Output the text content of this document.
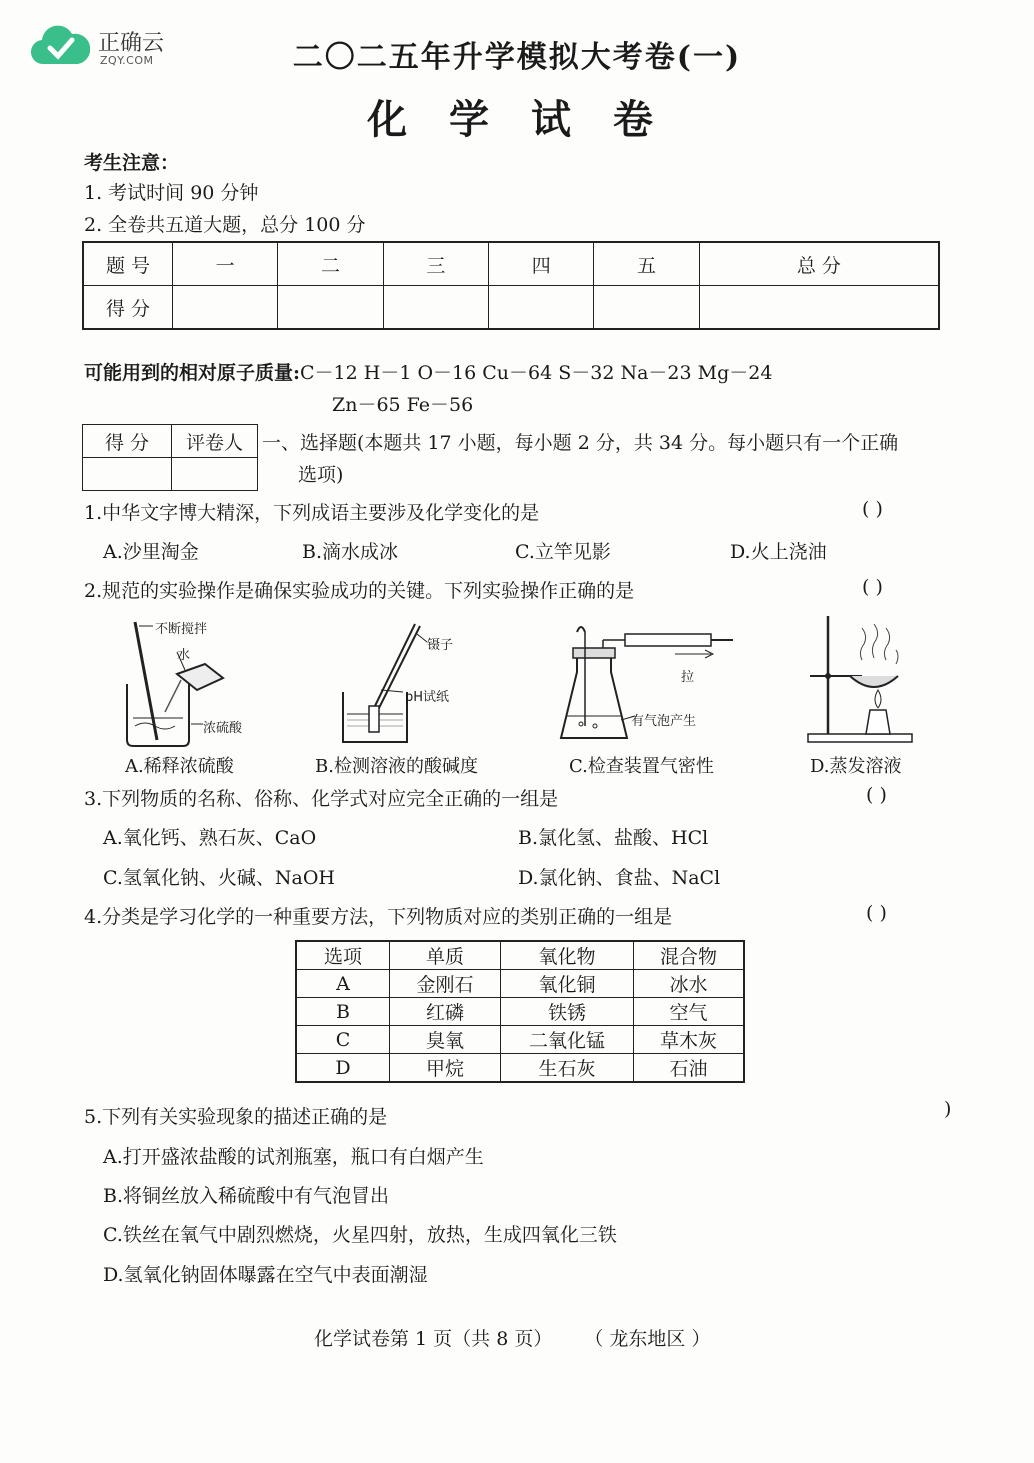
正确云
ZQY.COM	二〇二五年升学模拟大考卷(一)
化 学 试 卷
考生注意：
1. 考试时间 90 分钟
2. 全卷共五道大题，总分 100 分
题 号	一	二	三	四	五	总 分
得 分						
可能用到的相对原子质量:C－12 H－1 O－16 Cu－64 S－32 Na－23 Mg－24
Zn－65 Fe－56
得 分	评卷人
	一、选择题(本题共 17 小题，每小题 2 分，共 34 分。每小题只有一个正确
选项)
1.中华文字博大精深，下列成语主要涉及化学变化的是	( )
A.沙里淘金	B.滴水成冰	C.立竿见影	D.火上浇油
2.规范的实验操作是确保实验成功的关键。下列实验操作正确的是	( )
不断搅拌
水
浓硫酸
A.稀释浓硫酸
镊子
pH试纸
B.检测溶液的酸碱度
拉
有气泡产生
C.检查装置气密性	D.蒸发溶液
3.下列物质的名称、俗称、化学式对应完全正确的一组是	( )
A.氧化钙、熟石灰、CaO	B.氯化氢、盐酸、HCl
C.氢氧化钠、火碱、NaOH	D.氯化钠、食盐、NaCl
4.分类是学习化学的一种重要方法，下列物质对应的类别正确的一组是	( )
选项	单质	氧化物	混合物
A	金刚石	氧化铜	冰水
B	红磷	铁锈	空气
C	臭氧	二氧化锰	草木灰
D	甲烷	生石灰	石油
5.下列有关实验现象的描述正确的是	)
A.打开盛浓盐酸的试剂瓶塞，瓶口有白烟产生
B.将铜丝放入稀硫酸中有气泡冒出
C.铁丝在氧气中剧烈燃烧，火星四射，放热，生成四氧化三铁
D.氢氧化钠固体曝露在空气中表面潮湿
化学试卷第 1 页（共 8 页） （ 龙东地区 ）
